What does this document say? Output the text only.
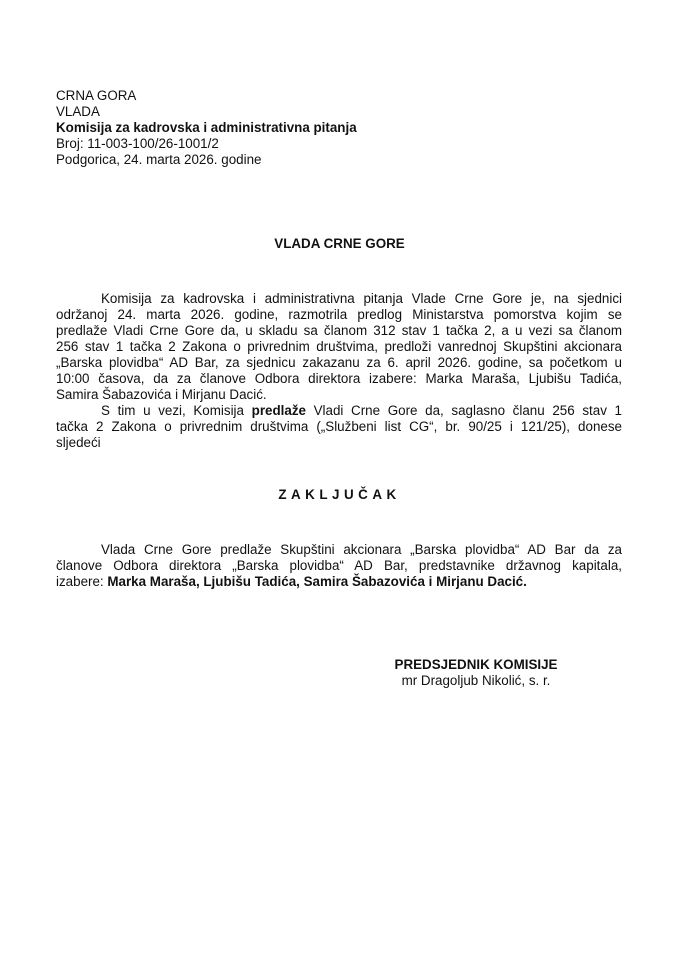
CRNA GORA
VLADA
Komisija za kadrovska i administrativna pitanja
Broj: 11-003-100/26-1001/2
Podgorica, 24. marta 2026. godine
VLADA CRNE GORE
Komisija za kadrovska i administrativna pitanja Vlade Crne Gore je, na sjednici
održanoj 24. marta 2026. godine, razmotrila predlog Ministarstva pomorstva kojim se
predlaže Vladi Crne Gore da, u skladu sa članom 312 stav 1 tačka 2, a u vezi sa članom
256 stav 1 tačka 2 Zakona o privrednim društvima, predloži vanrednoj Skupštini akcionara
„Barska plovidba“ AD Bar, za sjednicu zakazanu za 6. april 2026. godine, sa početkom u
10:00 časova, da za članove Odbora direktora izabere: Marka Maraša, Ljubišu Tadića,
Samira Šabazovića i Mirjanu Dacić.
S tim u vezi, Komisija predlaže Vladi Crne Gore da, saglasno članu 256 stav 1
tačka 2 Zakona o privrednim društvima („Službeni list CG“, br. 90/25 i 121/25), donese
sljedeći
ZAKLJUČAK
Vlada Crne Gore predlaže Skupštini akcionara „Barska plovidba“ AD Bar da za
članove Odbora direktora „Barska plovidba“ AD Bar, predstavnike državnog kapitala,
izabere: Marka Maraša, Ljubišu Tadića, Samira Šabazovića i Mirjanu Dacić.
PREDSJEDNIK KOMISIJE
mr Dragoljub Nikolić, s. r.
